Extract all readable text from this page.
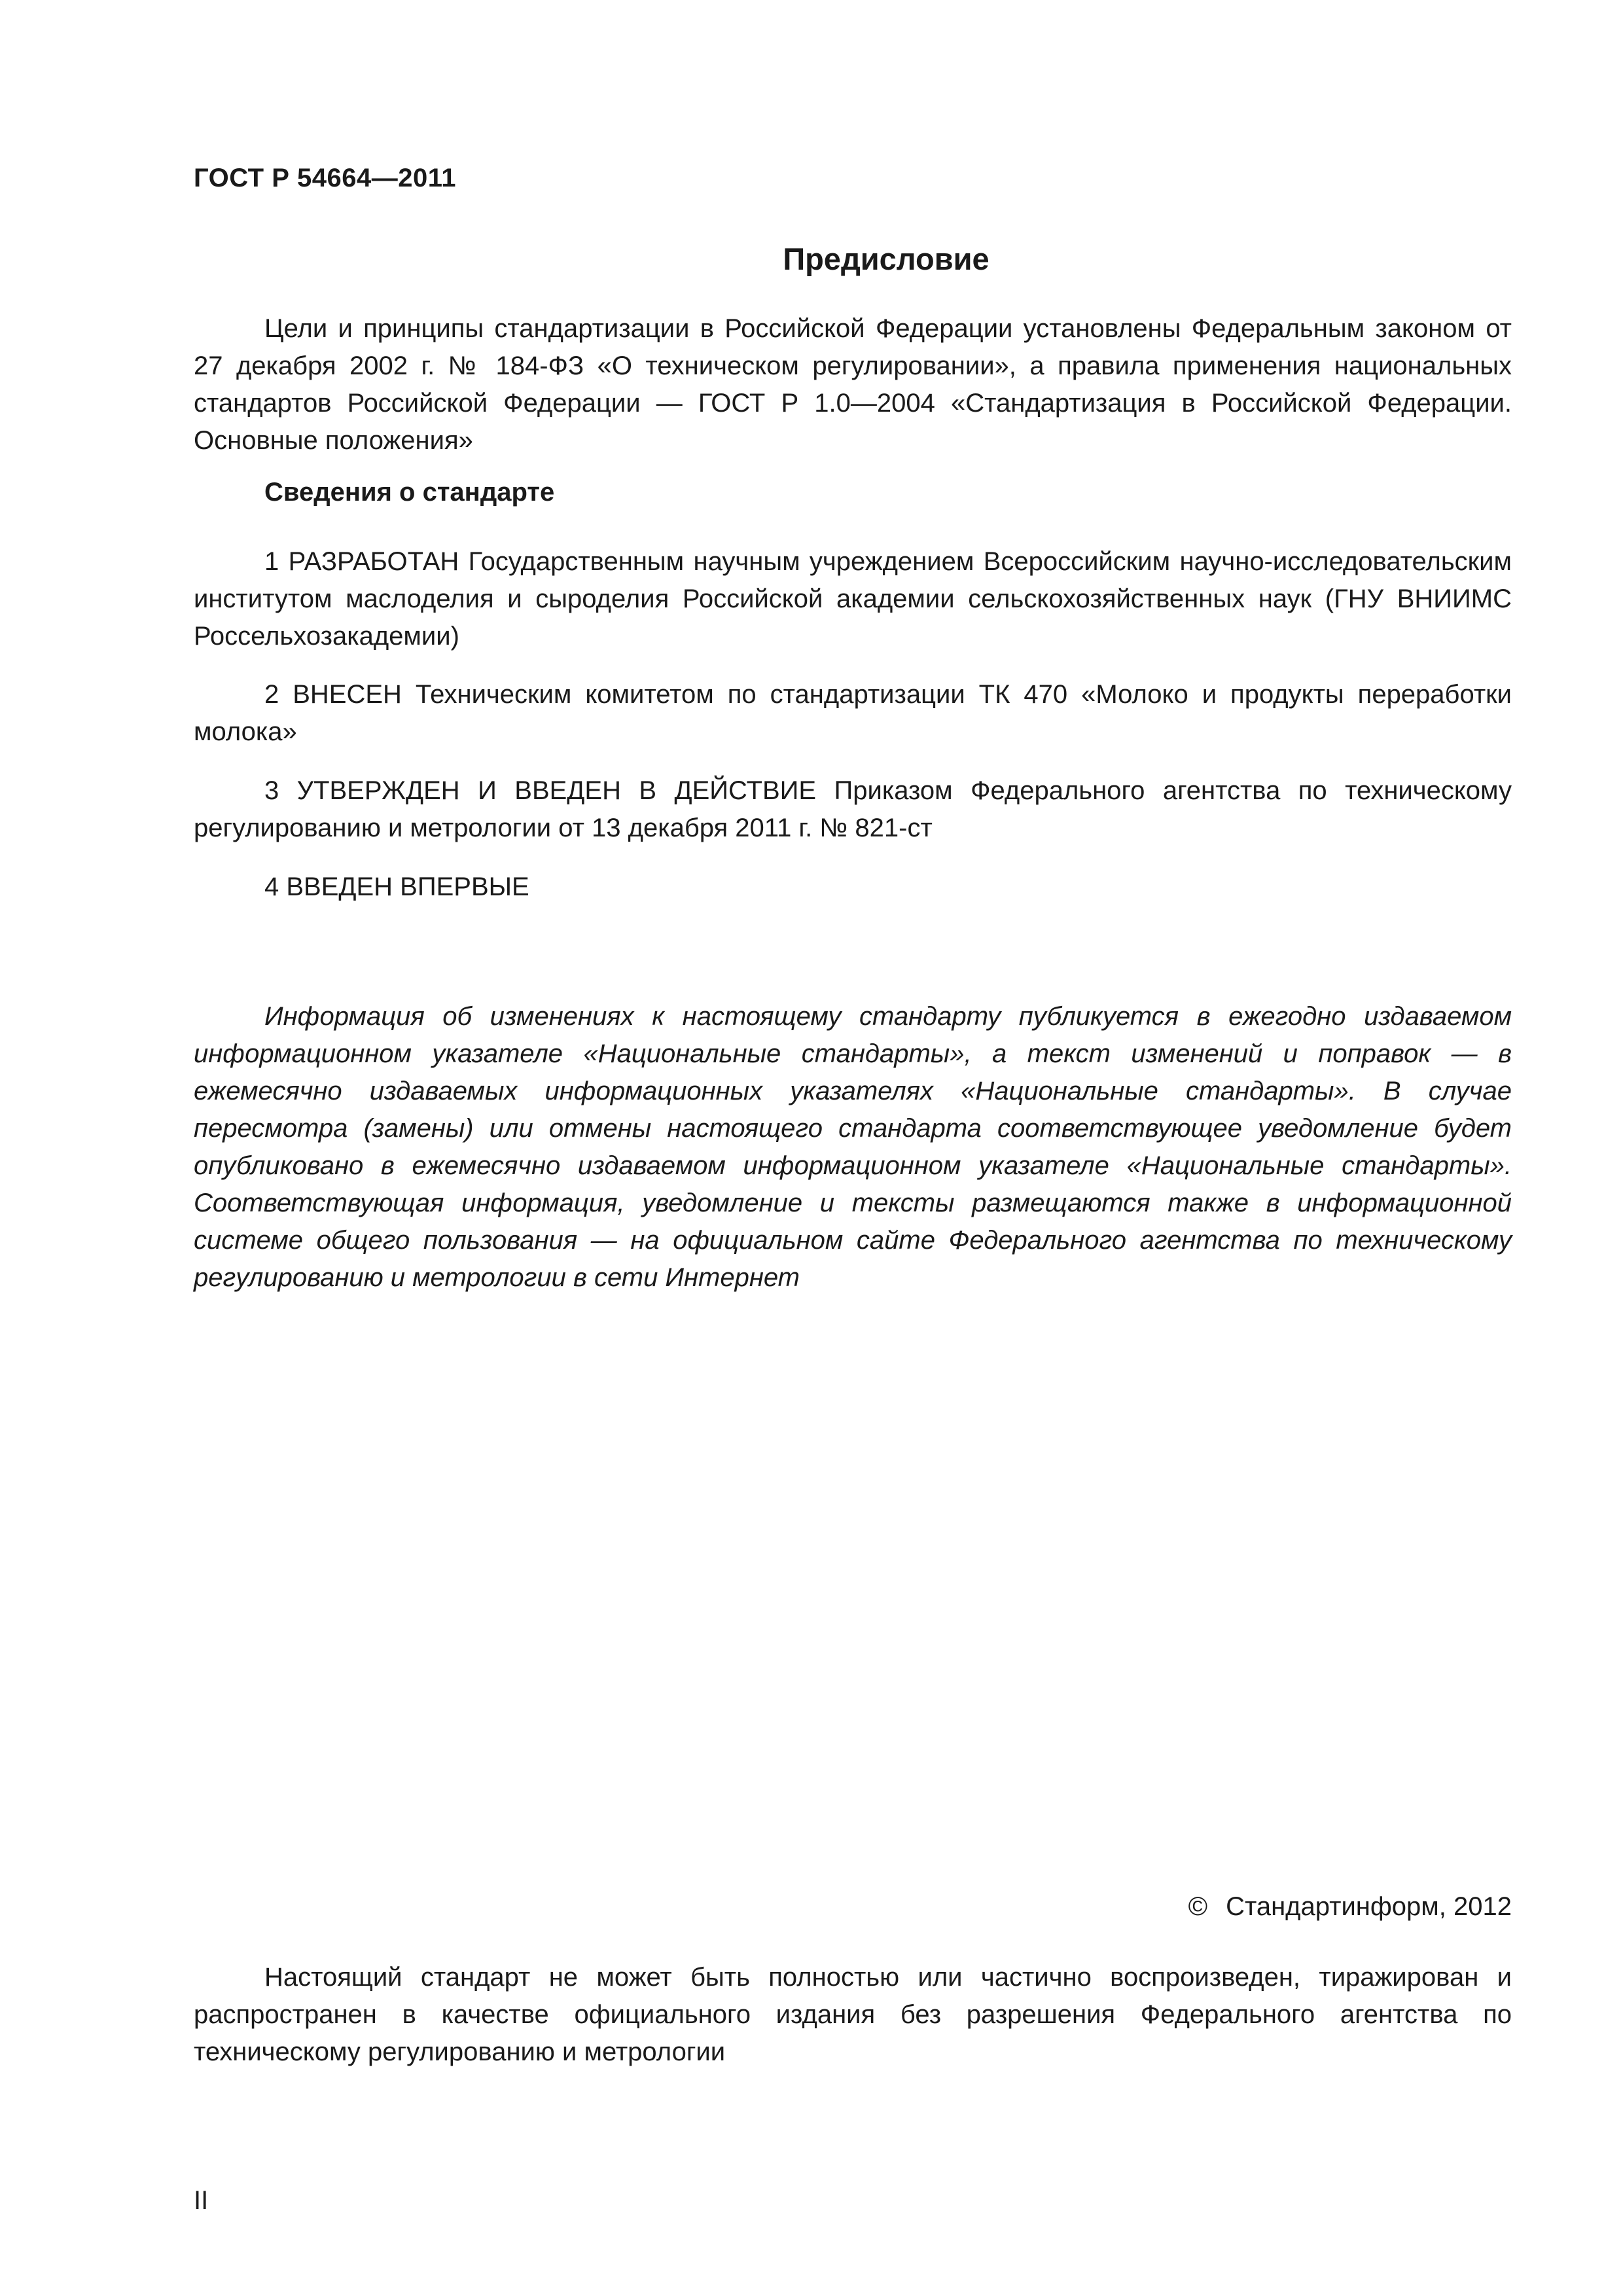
ГОСТ Р 54664—2011
Предисловие

Цели и принципы стандартизации в Российской Федерации установлены Федеральным законом от 27 декабря 2002 г. № 184-ФЗ «О техническом регулировании», а правила применения национальных стандартов Российской Федерации — ГОСТ Р 1.0—2004 «Стандартизация в Российской Федерации. Основные положения»

Сведения о стандарте

1 РАЗРАБОТАН Государственным научным учреждением Всероссийским научно-исследовательским институтом маслоделия и сыроделия Российской академии сельскохозяйственных наук (ГНУ ВНИИМС Россельхозакадемии)

2 ВНЕСЕН Техническим комитетом по стандартизации ТК 470 «Молоко и продукты переработки молока»

3 УТВЕРЖДЕН И ВВЕДЕН В ДЕЙСТВИЕ Приказом Федерального агентства по техническому регулированию и метрологии от 13 декабря 2011 г. № 821-ст

4 ВВЕДЕН ВПЕРВЫЕ

Информация об изменениях к настоящему стандарту публикуется в ежегодно издаваемом информационном указателе «Национальные стандарты», а текст изменений и поправок — в ежемесячно издаваемых информационных указателях «Национальные стандарты». В случае пересмотра (замены) или отмены настоящего стандарта соответствующее уведомление будет опубликовано в ежемесячно издаваемом информационном указателе «Национальные стандарты». Соответствующая информация, уведомление и тексты размещаются также в информационной системе общего пользования — на официальном сайте Федерального агентства по техническому регулированию и метрологии в сети Интернет

© Стандартинформ, 2012

Настоящий стандарт не может быть полностью или частично воспроизведен, тиражирован и распространен в качестве официального издания без разрешения Федерального агентства по техническому регулированию и метрологии

II
